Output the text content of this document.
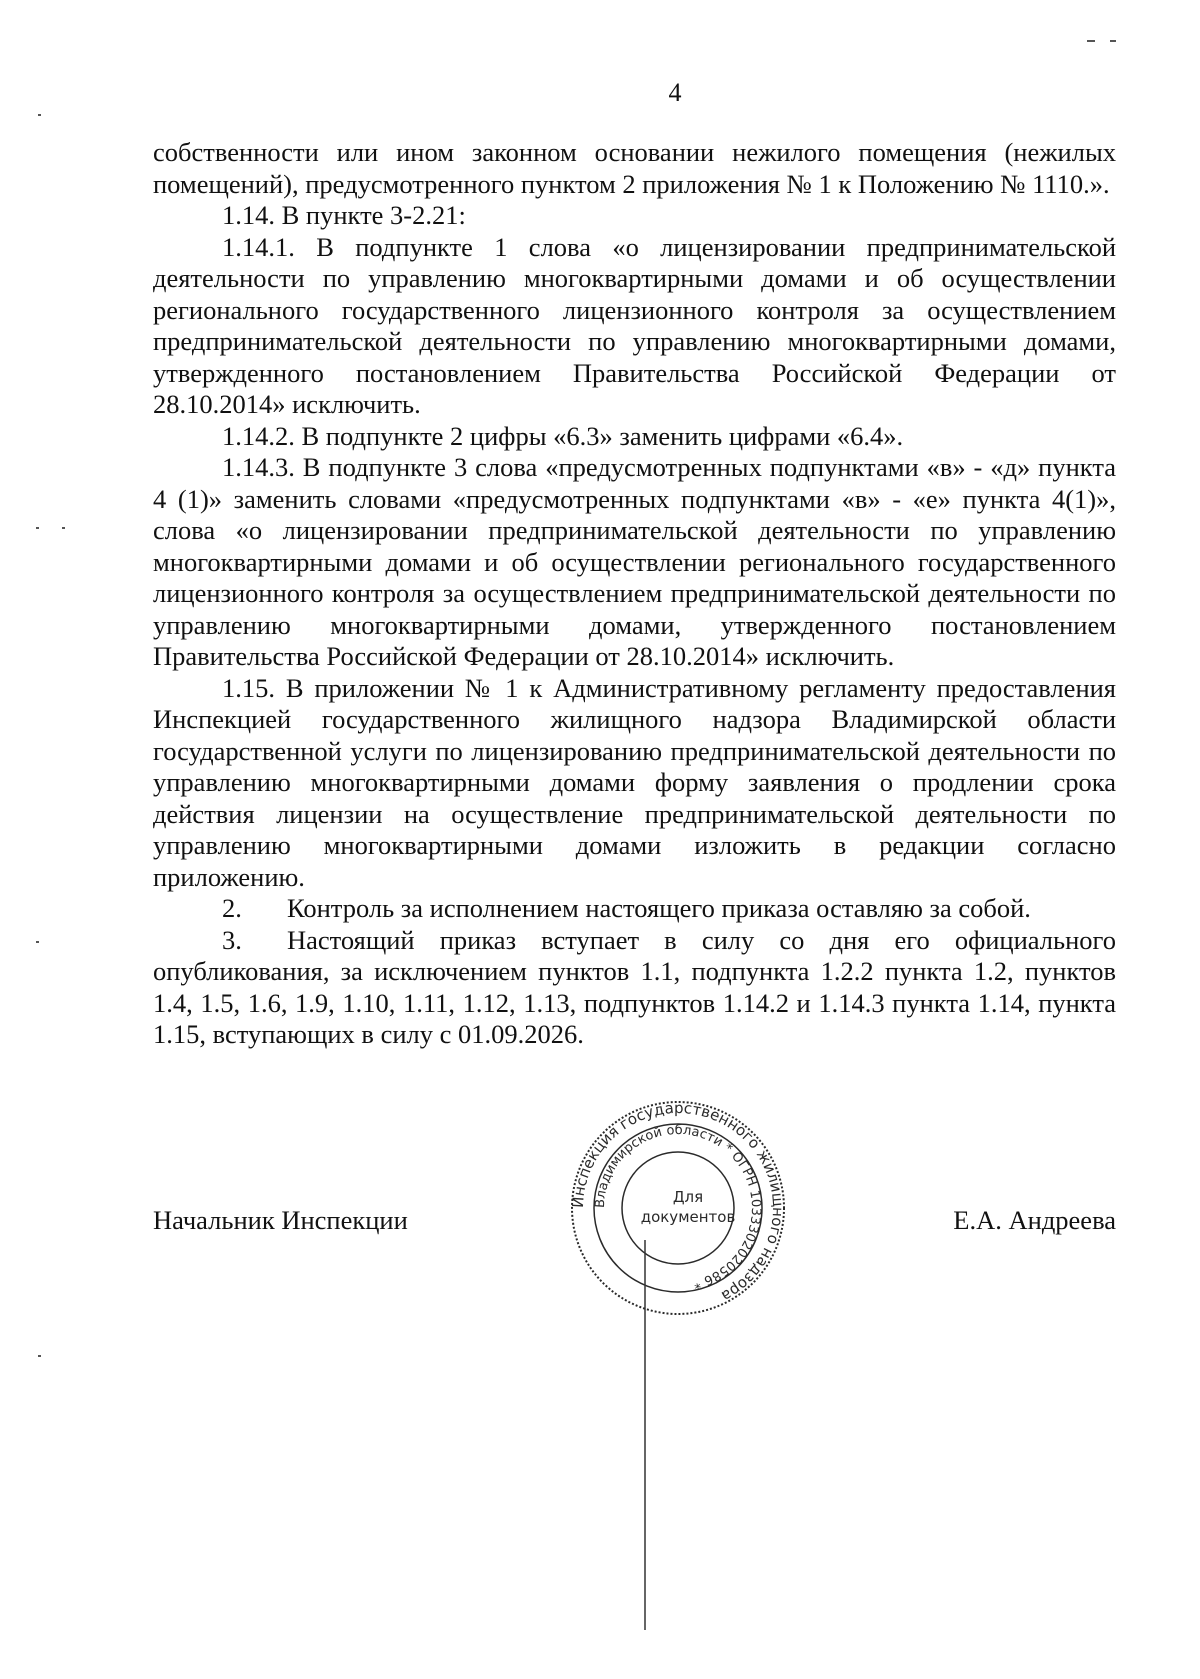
4

собственности или ином законном основании нежилого помещения (нежилых помещений), предусмотренного пунктом 2 приложения № 1 к Положению № 1110.».

1.14. В пункте 3-2.21:

1.14.1. В подпункте 1 слова «о лицензировании предпринимательской деятельности по управлению многоквартирными домами и об осуществлении регионального государственного лицензионного контроля за осуществлением предпринимательской деятельности по управлению многоквартирными домами, утвержденного постановлением Правительства Российской Федерации от 28.10.2014» исключить.

1.14.2. В подпункте 2 цифры «6.3» заменить цифрами «6.4».

1.14.3. В подпункте 3 слова «предусмотренных подпунктами «в» - «д» пункта 4 (1)» заменить словами «предусмотренных подпунктами «в» - «е» пункта 4(1)», слова «о лицензировании предпринимательской деятельности по управлению многоквартирными домами и об осуществлении регионального государственного лицензионного контроля за осуществлением предпринимательской деятельности по управлению многоквартирными домами, утвержденного постановлением Правительства Российской Федерации от 28.10.2014» исключить.

1.15. В приложении № 1 к Административному регламенту предоставления Инспекцией государственного жилищного надзора Владимирской области государственной услуги по лицензированию предпринимательской деятельности по управлению многоквартирными домами форму заявления о продлении срока действия лицензии на осуществление предпринимательской деятельности по управлению многоквартирными домами изложить в редакции согласно приложению.

2. Контроль за исполнением настоящего приказа оставляю за собой.

3. Настоящий приказ вступает в силу со дня его официального опубликования, за исключением пунктов 1.1, подпункта 1.2.2 пункта 1.2, пунктов 1.4, 1.5, 1.6, 1.9, 1.10, 1.11, 1.12, 1.13, подпунктов 1.14.2 и 1.14.3 пункта 1.14, пункта 1.15, вступающих в силу с 01.09.2026.

Начальник Инспекции	Е.А. Андреева
Инспекция государственного жилищного надзора
Владимирской области * ОГРН 1033302020586 *
Для
документов
